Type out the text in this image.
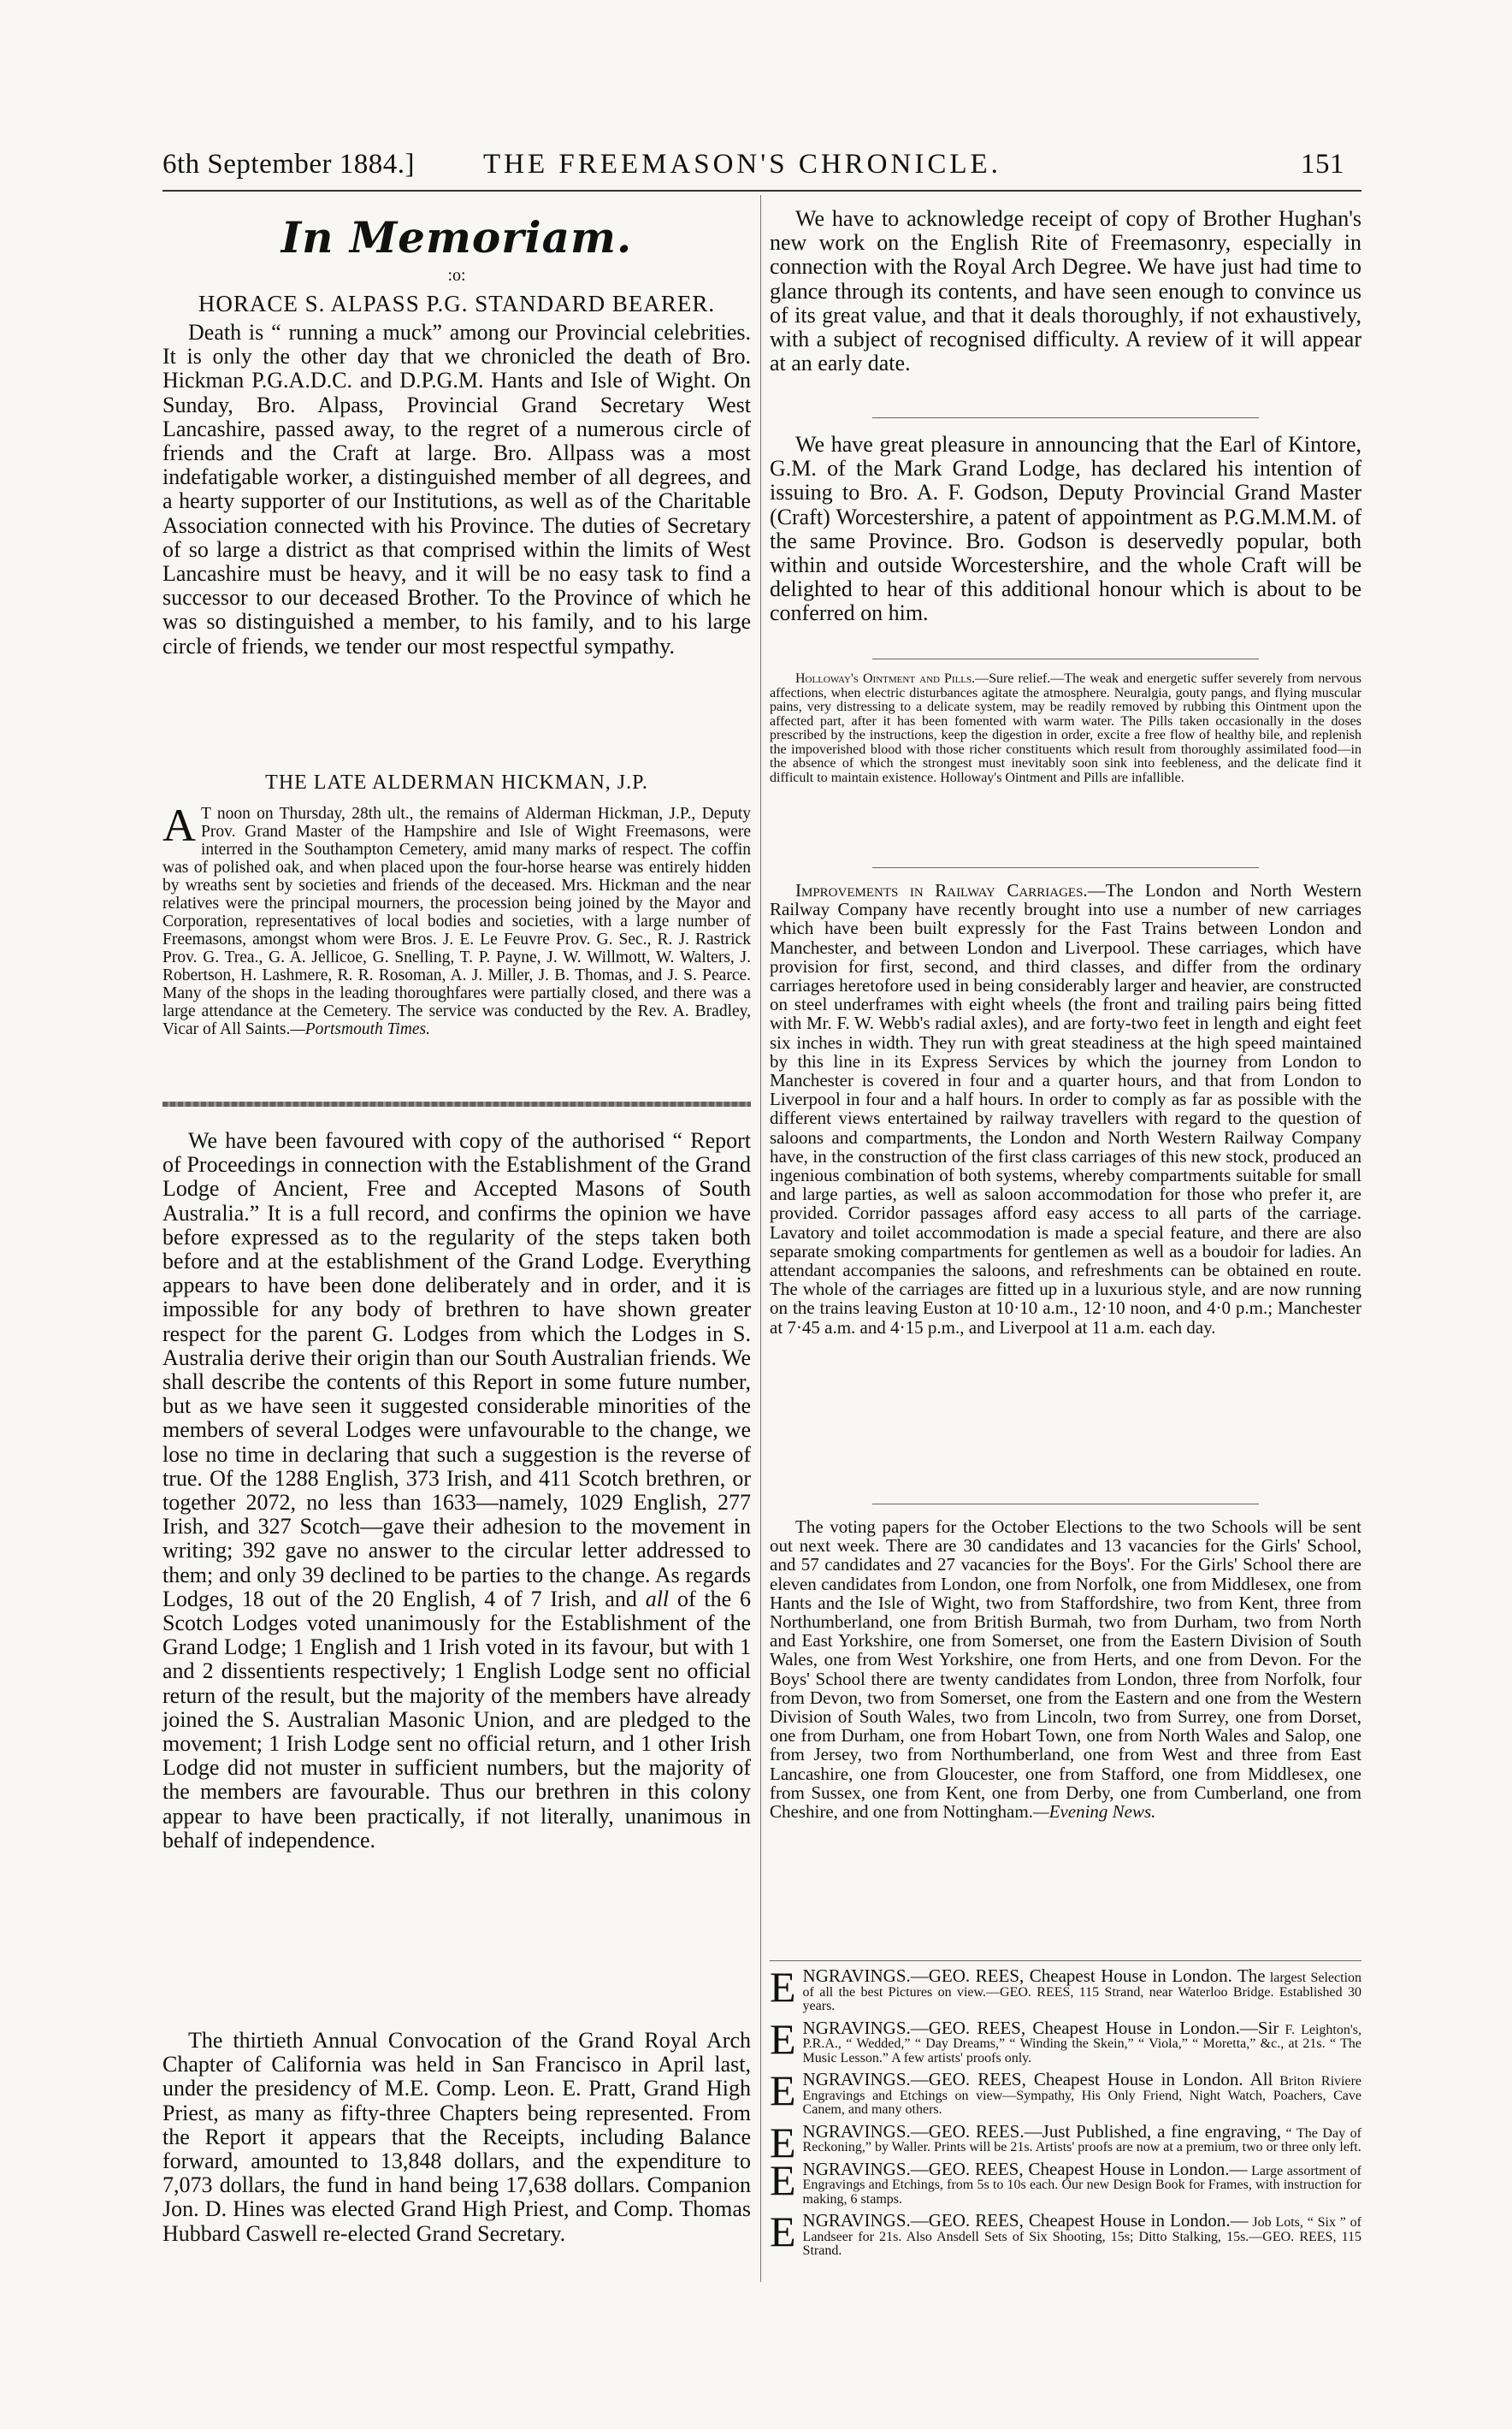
6th September 1884.] THE FREEMASON'S CHRONICLE.	151
In Memoriam.
:o:
HORACE S. ALPASS P.G. STANDARD BEARER.

Death is “ running a muck” among our Provincial celebrities. It is only the other day that we chronicled the death of Bro. Hickman P.G.A.D.C. and D.P.G.M. Hants and Isle of Wight. On Sunday, Bro. Alpass, Provincial Grand Secretary West Lancashire, passed away, to the regret of a numerous circle of friends and the Craft at large. Bro. Allpass was a most indefatigable worker, a distinguished member of all degrees, and a hearty supporter of our Institutions, as well as of the Charitable Association connected with his Province. The duties of Secretary of so large a district as that comprised within the limits of West Lancashire must be heavy, and it will be no easy task to find a successor to our deceased Brother. To the Province of which he was so distinguished a member, to his family, and to his large circle of friends, we tender our most respectful sympathy.

THE LATE ALDERMAN HICKMAN, J.P.

A T noon on Thursday, 28th ult., the remains of Alderman Hickman, J.P., Deputy Prov. Grand Master of the Hampshire and Isle of Wight Freemasons, were interred in the Southampton Cemetery, amid many marks of respect. The coffin was of polished oak, and when placed upon the four-horse hearse was entirely hidden by wreaths sent by societies and friends of the deceased. Mrs. Hickman and the near relatives were the principal mourners, the procession being joined by the Mayor and Corporation, representatives of local bodies and societies, with a large number of Freemasons, amongst whom were Bros. J. E. Le Feuvre Prov. G. Sec., R. J. Rastrick Prov. G. Trea., G. A. Jellicoe, G. Snelling, T. P. Payne, J. W. Willmott, W. Walters, J. Robertson, H. Lashmere, R. R. Rosoman, A. J. Miller, J. B. Thomas, and J. S. Pearce. Many of the shops in the leading thoroughfares were partially closed, and there was a large attendance at the Cemetery. The service was conducted by the Rev. A. Bradley, Vicar of All Saints.—Portsmouth Times.

We have been favoured with copy of the authorised “ Report of Proceedings in connection with the Establishment of the Grand Lodge of Ancient, Free and Accepted Masons of South Australia.” It is a full record, and confirms the opinion we have before expressed as to the regularity of the steps taken both before and at the establishment of the Grand Lodge. Everything appears to have been done deliberately and in order, and it is impossible for any body of brethren to have shown greater respect for the parent G. Lodges from which the Lodges in S. Australia derive their origin than our South Australian friends. We shall describe the contents of this Report in some future number, but as we have seen it suggested considerable minorities of the members of several Lodges were unfavourable to the change, we lose no time in declaring that such a suggestion is the reverse of true. Of the 1288 English, 373 Irish, and 411 Scotch brethren, or together 2072, no less than 1633—namely, 1029 English, 277 Irish, and 327 Scotch—gave their adhesion to the movement in writing; 392 gave no answer to the circular letter addressed to them; and only 39 declined to be parties to the change. As regards Lodges, 18 out of the 20 English, 4 of 7 Irish, and all of the 6 Scotch Lodges voted unanimously for the Establishment of the Grand Lodge; 1 English and 1 Irish voted in its favour, but with 1 and 2 dissentients respectively; 1 English Lodge sent no official return of the result, but the majority of the members have already joined the S. Australian Masonic Union, and are pledged to the movement; 1 Irish Lodge sent no official return, and 1 other Irish Lodge did not muster in sufficient numbers, but the majority of the members are favourable. Thus our brethren in this colony appear to have been practically, if not literally, unanimous in behalf of independence.

The thirtieth Annual Convocation of the Grand Royal Arch Chapter of California was held in San Francisco in April last, under the presidency of M.E. Comp. Leon. E. Pratt, Grand High Priest, as many as fifty-three Chapters being represented. From the Report it appears that the Receipts, including Balance forward, amounted to 13,848 dollars, and the expenditure to 7,073 dollars, the fund in hand being 17,638 dollars. Companion Jon. D. Hines was elected Grand High Priest, and Comp. Thomas Hubbard Caswell re-elected Grand Secretary.

We have to acknowledge receipt of copy of Brother Hughan's new work on the English Rite of Freemasonry, especially in connection with the Royal Arch Degree. We have just had time to glance through its contents, and have seen enough to convince us of its great value, and that it deals thoroughly, if not exhaustively, with a subject of recognised difficulty. A review of it will appear at an early date.

We have great pleasure in announcing that the Earl of Kintore, G.M. of the Mark Grand Lodge, has declared his intention of issuing to Bro. A. F. Godson, Deputy Provincial Grand Master (Craft) Worcestershire, a patent of appointment as P.G.M.M.M. of the same Province. Bro. Godson is deservedly popular, both within and outside Worcestershire, and the whole Craft will be delighted to hear of this additional honour which is about to be conferred on him.

Holloway's Ointment and Pills.—Sure relief.—The weak and energetic suffer severely from nervous affections, when electric disturbances agitate the atmosphere. Neuralgia, gouty pangs, and flying muscular pains, very distressing to a delicate system, may be readily removed by rubbing this Ointment upon the affected part, after it has been fomented with warm water. The Pills taken occasionally in the doses prescribed by the instructions, keep the digestion in order, excite a free flow of healthy bile, and replenish the impoverished blood with those richer constituents which result from thoroughly assimilated food—in the absence of which the strongest must inevitably soon sink into feebleness, and the delicate find it difficult to maintain existence. Holloway's Ointment and Pills are infallible.

Improvements in Railway Carriages.—The London and North Western Railway Company have recently brought into use a number of new carriages which have been built expressly for the Fast Trains between London and Manchester, and between London and Liverpool. These carriages, which have provision for first, second, and third classes, and differ from the ordinary carriages heretofore used in being considerably larger and heavier, are constructed on steel underframes with eight wheels (the front and trailing pairs being fitted with Mr. F. W. Webb's radial axles), and are forty-two feet in length and eight feet six inches in width. They run with great steadiness at the high speed maintained by this line in its Express Services by which the journey from London to Manchester is covered in four and a quarter hours, and that from London to Liverpool in four and a half hours. In order to comply as far as possible with the different views entertained by railway travellers with regard to the question of saloons and compartments, the London and North Western Railway Company have, in the construction of the first class carriages of this new stock, produced an ingenious combination of both systems, whereby compartments suitable for small and large parties, as well as saloon accommodation for those who prefer it, are provided. Corridor passages afford easy access to all parts of the carriage. Lavatory and toilet accommodation is made a special feature, and there are also separate smoking compartments for gentlemen as well as a boudoir for ladies. An attendant accompanies the saloons, and refreshments can be obtained en route. The whole of the carriages are fitted up in a luxurious style, and are now running on the trains leaving Euston at 10·10 a.m., 12·10 noon, and 4·0 p.m.; Manchester at 7·45 a.m. and 4·15 p.m., and Liverpool at 11 a.m. each day.

The voting papers for the October Elections to the two Schools will be sent out next week. There are 30 candidates and 13 vacancies for the Girls' School, and 57 candidates and 27 vacancies for the Boys'. For the Girls' School there are eleven candidates from London, one from Norfolk, one from Middlesex, one from Hants and the Isle of Wight, two from Staffordshire, two from Kent, three from Northumberland, one from British Burmah, two from Durham, two from North and East Yorkshire, one from Somerset, one from the Eastern Division of South Wales, one from West Yorkshire, one from Herts, and one from Devon. For the Boys' School there are twenty candidates from London, three from Norfolk, four from Devon, two from Somerset, one from the Eastern and one from the Western Division of South Wales, two from Lincoln, two from Surrey, one from Dorset, one from Durham, one from Hobart Town, one from North Wales and Salop, one from Jersey, two from Northumberland, one from West and three from East Lancashire, one from Gloucester, one from Stafford, one from Middlesex, one from Sussex, one from Kent, one from Derby, one from Cumberland, one from Cheshire, and one from Nottingham.—Evening News.

ENGRAVINGS.—GEO. REES, Cheapest House in London. The largest Selection of all the best Pictures on view.—GEO. REES, 115 Strand, near Waterloo Bridge. Established 30 years.

ENGRAVINGS.—GEO. REES, Cheapest House in London.—Sir F. Leighton's, P.R.A., “ Wedded,” “ Day Dreams,” “ Winding the Skein,” “ Viola,” “ Moretta,” &c., at 21s. “ The Music Lesson.” A few artists' proofs only.

ENGRAVINGS.—GEO. REES, Cheapest House in London. All Briton Riviere Engravings and Etchings on view—Sympathy, His Only Friend, Night Watch, Poachers, Cave Canem, and many others.

ENGRAVINGS.—GEO. REES.—Just Published, a fine engraving, “ The Day of Reckoning,” by Waller. Prints will be 21s. Artists' proofs are now at a premium, two or three only left.

ENGRAVINGS.—GEO. REES, Cheapest House in London.— Large assortment of Engravings and Etchings, from 5s to 10s each. Our new Design Book for Frames, with instruction for making, 6 stamps.

ENGRAVINGS.—GEO. REES, Cheapest House in London.— Job Lots, “ Six ” of Landseer for 21s. Also Ansdell Sets of Six Shooting, 15s; Ditto Stalking, 15s.—GEO. REES, 115 Strand.
